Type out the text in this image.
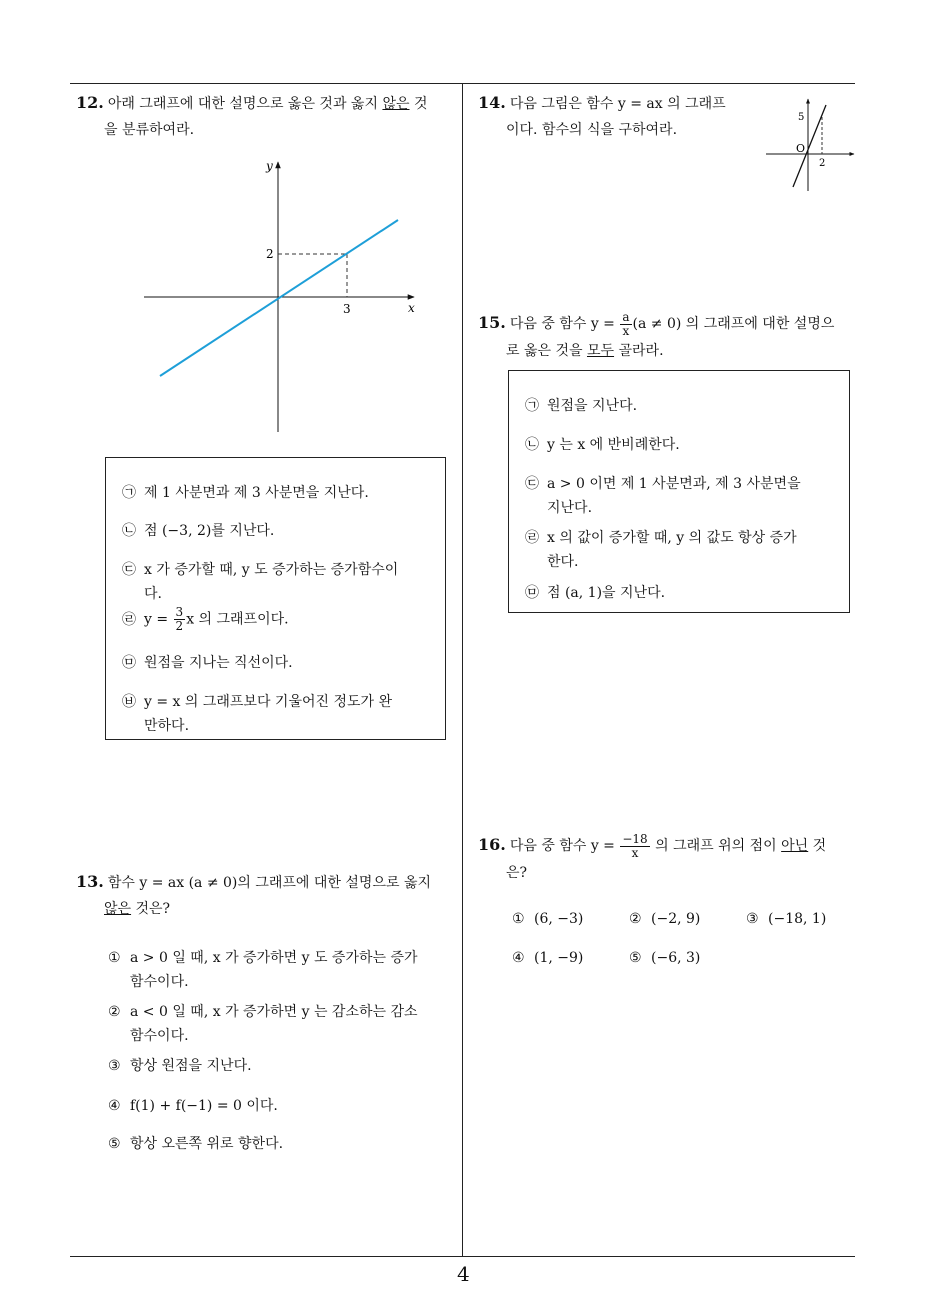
12. 아래 그래프에 대한 설명으로 옳은 것과 옳지 않은 것
을 분류하여라.
y
x
2
3
㉠ 제 1 사분면과 제 3 사분면을 지난다.
㉡ 점 (−3, 2)를 지난다.
㉢ x 가 증가할 때, y 도 증가하는 증가함수이
다.
㉣ $y = \frac{3}{2}$ x 의 그래프이다.
㉤ 원점을 지나는 직선이다.
㉥ y = x 의 그래프보다 기울어진 정도가 완
만하다.
13. 함수 y = ax (a ≠ 0)의 그래프에 대한 설명으로 옳지
않은 것은?
① a > 0 일 때, x 가 증가하면 y 도 증가하는 증가
함수이다.
② a < 0 일 때, x 가 증가하면 y 는 감소하는 감소
함수이다.
③ 항상 원점을 지난다.
④ f(1) + f(−1) = 0 이다.
⑤ 항상 오른쪽 위로 향한다.
14. 다음 그림은 함수 y = ax 의 그래프
이다. 함수의 식을 구하여라.
5
O
2
15. 다음 중 함수 $y = \frac{a}{x} (a \ne 0)$ 의 그래프에 대한 설명으
로 옳은 것을 모두 골라라.
㉠ 원점을 지난다.
㉡ y 는 x 에 반비례한다.
㉢ a > 0 이면 제 1 사분면과, 제 3 사분면을
지난다.
㉣ x 의 값이 증가할 때, y 의 값도 항상 증가
한다.
㉤ 점 (a, 1)을 지난다.
16. 다음 중 함수 $y = \frac{-18}{x}$ 의 그래프 위의 점이 아닌 것
은?
① (6, −3)	② (−2, 9)	③ (−18, 1)
④ (1, −9)	⑤ (−6, 3)
4
